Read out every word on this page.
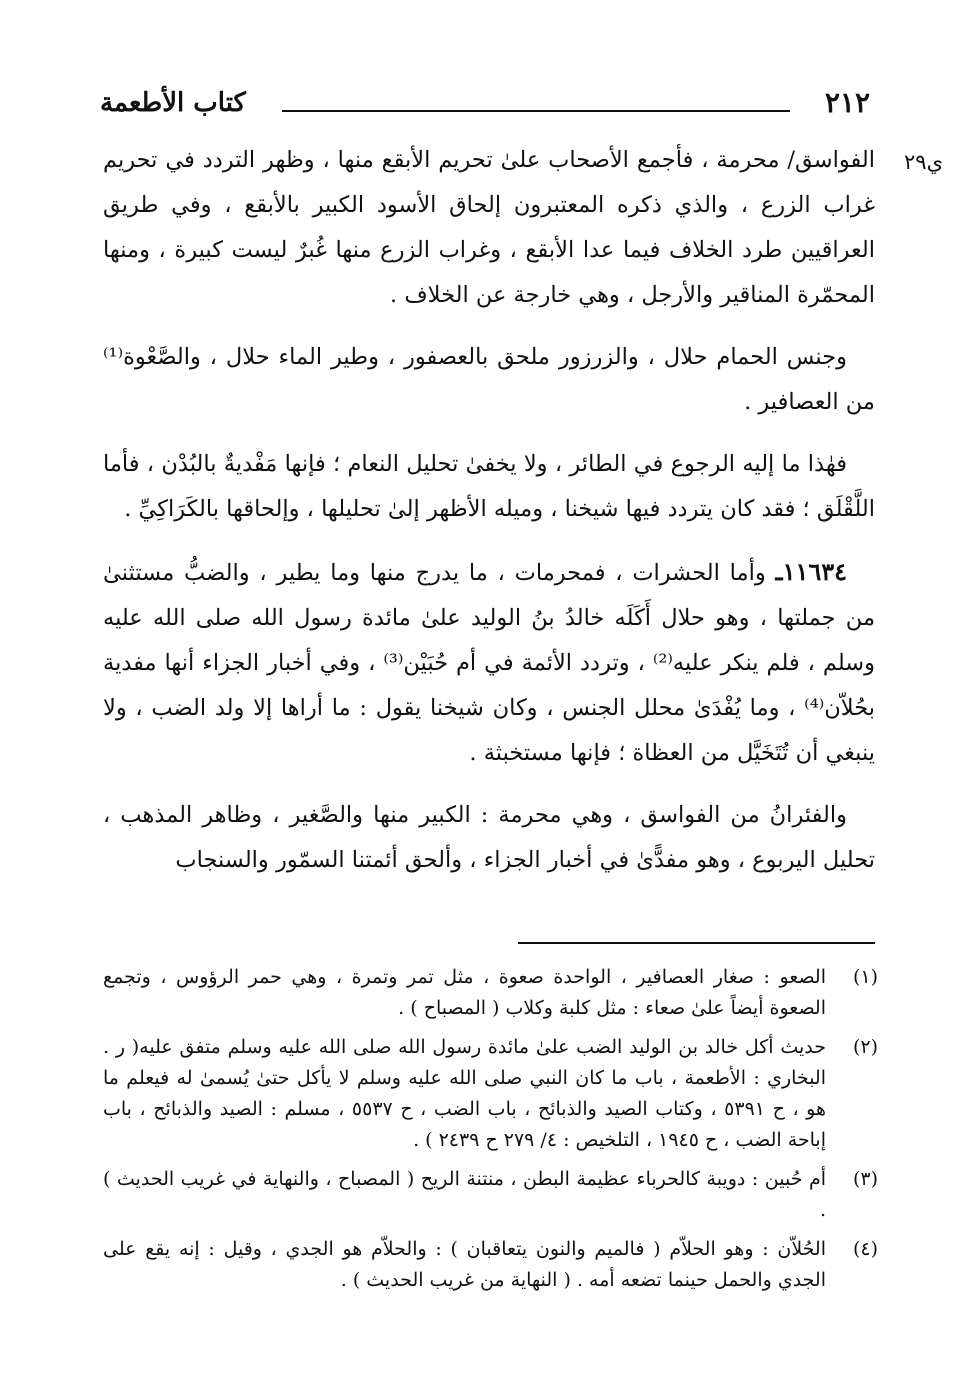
٢١٢
كتاب الأطعمة
ي٢٩

الفواسق/ محرمة ، فأجمع الأصحاب علىٰ تحريم الأبقع منها ، وظهر التردد في تحريم غراب الزرع ، والذي ذكره المعتبرون إلحاق الأسود الكبير بالأبقع ، وفي طريق العراقيين طرد الخلاف فيما عدا الأبقع ، وغراب الزرع منها غُبرٌ ليست كبيرة ، ومنها المحمّرة المناقير والأرجل ، وهي خارجة عن الخلاف .

وجنس الحمام حلال ، والزرزور ملحق بالعصفور ، وطير الماء حلال ، والصَّعْوة⁽¹⁾ من العصافير .

فهٰذا ما إليه الرجوع في الطائر ، ولا يخفىٰ تحليل النعام ؛ فإنها مَفْديةٌ بالبُدْن ، فأما اللَّقْلَق ؛ فقد كان يتردد فيها شيخنا ، وميله الأظهر إلىٰ تحليلها ، وإلحاقها بالكَرَاكِيِّ .

١١٦٣٤ـ وأما الحشرات ، فمحرمات ، ما يدرج منها وما يطير ، والضبُّ مستثنىٰ من جملتها ، وهو حلال أَكَلَه خالدُ بنُ الوليد علىٰ مائدة رسول الله صلى الله عليه وسلم ، فلم ينكر عليه⁽²⁾ ، وتردد الأئمة في أم حُبَيْن⁽³⁾ ، وفي أخبار الجزاء أنها مفدية بحُلاّن⁽⁴⁾ ، وما يُفْدَىٰ محلل الجنس ، وكان شيخنا يقول : ما أراها إلا ولد الضب ، ولا ينبغي أن تُتَخَيَّل من العظاة ؛ فإنها مستخبثة .

والفئرانُ من الفواسق ، وهي محرمة : الكبير منها والصَّغير ، وظاهر المذهب ، تحليل اليربوع ، وهو مفدًّىٰ في أخبار الجزاء ، وألحق أئمتنا السمّور والسنجاب

(١)
الصعو : صغار العصافير ، الواحدة صعوة ، مثل تمر وتمرة ، وهي حمر الرؤوس ، وتجمع الصعوة أيضاً علىٰ صعاء : مثل كلبة وكلاب ( المصباح ) .
(٢)
حديث أكل خالد بن الوليد الضب علىٰ مائدة رسول الله صلى الله عليه وسلم متفق عليه( ر . البخاري : الأطعمة ، باب ما كان النبي صلى الله عليه وسلم لا يأكل حتىٰ يُسمىٰ له فيعلم ما هو ، ح ٥٣٩١ ، وكتاب الصيد والذبائح ، باب الضب ، ح ٥٥٣٧ ، مسلم : الصيد والذبائح ، باب إباحة الضب ، ح ١٩٤٥ ، التلخيص : ٤/ ٢٧٩ ح ٢٤٣٩ ) .
(٣)
أم حُبين : دويبة كالحرباء عظيمة البطن ، منتنة الريح ( المصباح ، والنهاية في غريب الحديث ) .
(٤)
الحُلاّن : وهو الحلاّم ( فالميم والنون يتعاقبان ) : والحلاّم هو الجدي ، وقيل : إنه يقع على الجدي والحمل حينما تضعه أمه . ( النهاية من غريب الحديث ) .
